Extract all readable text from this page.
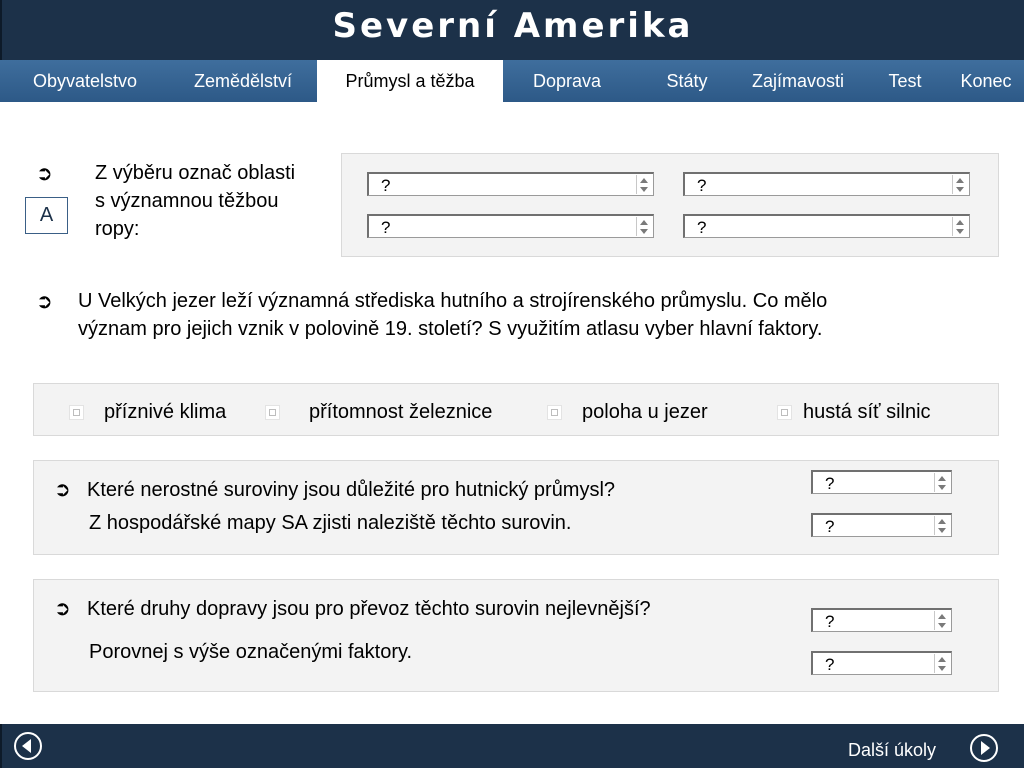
Severní Amerika
Obyvatelstvo	Zemědělství	Průmysl a těžba	Doprava	Státy	Zajímavosti	Test	Konec
➲
A
Z výběru označ oblasti
s významnou těžbou
ropy:
?	?
?	?
➲ U Velkých jezer leží významná střediska hutního a strojírenského průmyslu. Co mělo
význam pro jejich vznik v polovině 19. století? S využitím atlasu vyber hlavní faktory.
příznivé klima	přítomnost železnice	poloha u jezer	hustá síť silnic
➲ Které nerostné suroviny jsou důležité pro hutnický průmysl?
Z hospodářské mapy SA zjisti naleziště těchto surovin.
?
?
➲ Které druhy dopravy jsou pro převoz těchto surovin nejlevnější?
Porovnej s výše označenými faktory.
?
?
Další úkoly
